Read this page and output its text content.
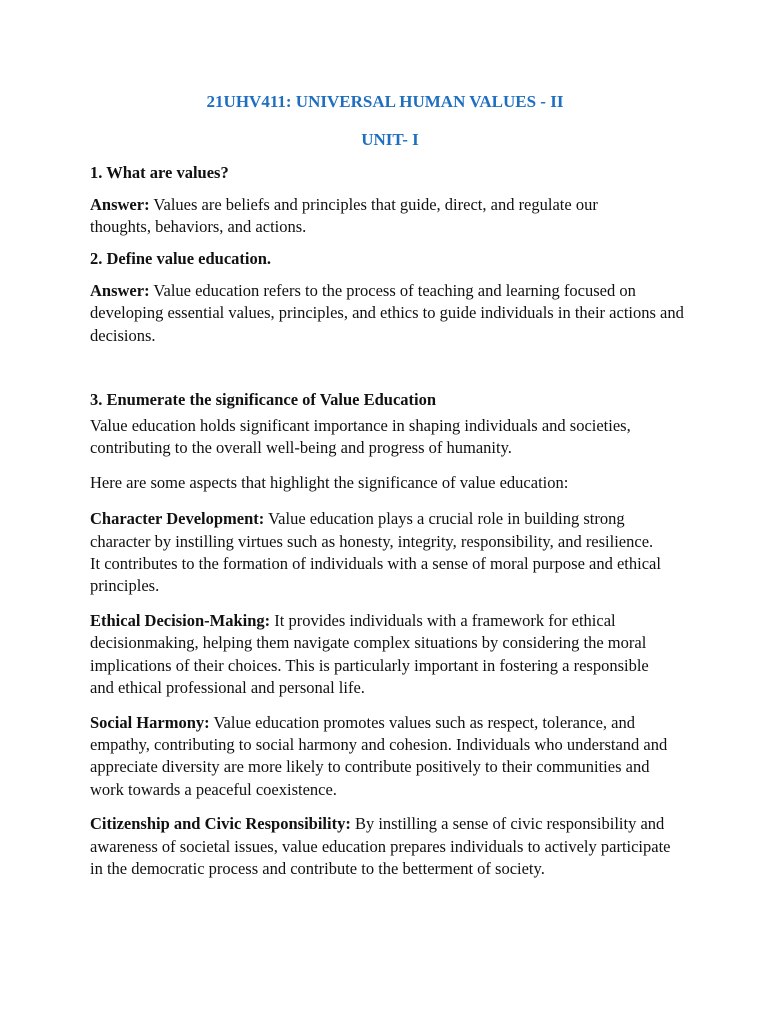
21UHV411: UNIVERSAL HUMAN VALUES - II

UNIT- I

1. What are values?

Answer: Values are beliefs and principles that guide, direct, and regulate our thoughts, behaviors, and actions.

2. Define value education.

Answer: Value education refers to the process of teaching and learning focused on developing essential values, principles, and ethics to guide individuals in their actions and decisions.

3. Enumerate the significance of Value Education

Value education holds significant importance in shaping individuals and societies, contributing to the overall well-being and progress of humanity.

Here are some aspects that highlight the significance of value education:

Character Development: Value education plays a crucial role in building strong character by instilling virtues such as honesty, integrity, responsibility, and resilience. It contributes to the formation of individuals with a sense of moral purpose and ethical principles.

Ethical Decision-Making: It provides individuals with a framework for ethical decisionmaking, helping them navigate complex situations by considering the moral implications of their choices. This is particularly important in fostering a responsible and ethical professional and personal life.

Social Harmony: Value education promotes values such as respect, tolerance, and empathy, contributing to social harmony and cohesion. Individuals who understand and appreciate diversity are more likely to contribute positively to their communities and work towards a peaceful coexistence.

Citizenship and Civic Responsibility: By instilling a sense of civic responsibility and awareness of societal issues, value education prepares individuals to actively participate in the democratic process and contribute to the betterment of society.
